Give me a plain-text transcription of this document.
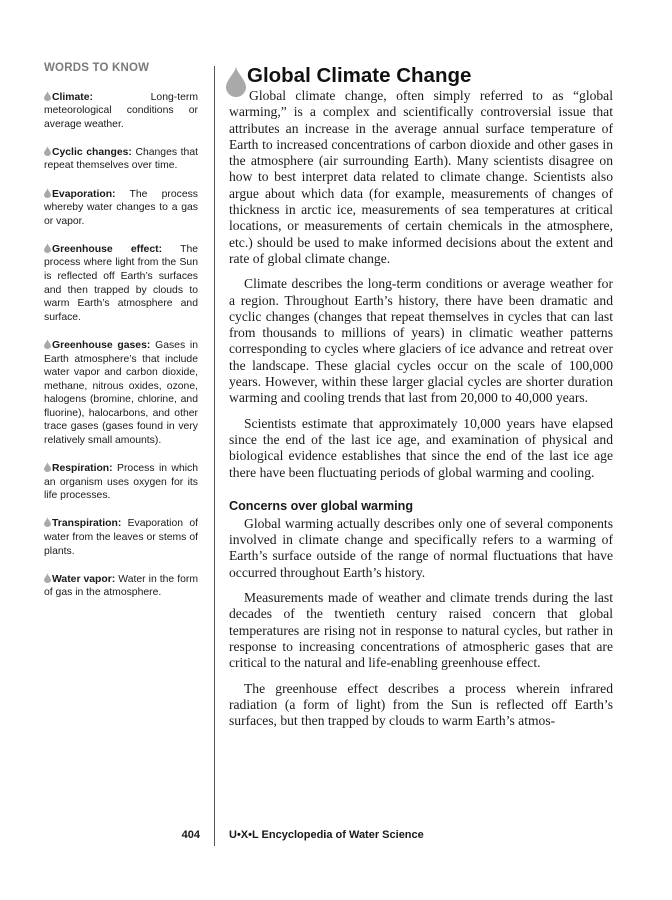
WORDS TO KNOW

Climate:	Long-term meteorological conditions or average weather.

Cyclic changes: Changes that repeat themselves over time.

Evaporation: The process whereby water changes to a gas or vapor.

Greenhouse effect: The process where light from the Sun is reflected off Earth’s surfaces and then trapped by clouds to warm Earth’s atmosphere and surface.

Greenhouse gases: Gases in Earth atmosphere’s that include water vapor and carbon dioxide, methane, nitrous oxides, ozone, halogens (bromine, chlorine, and fluorine), halocarbons, and other trace gases (gases found in very relatively small amounts).

Respiration: Process in which an organism uses oxygen for its life processes.

Transpiration: Evaporation of water from the leaves or stems of plants.

Water vapor: Water in the form of gas in the atmosphere.

Global Climate Change

Global climate change, often simply referred to as “global warming,” is a complex and scientifically controversial issue that attributes an increase in the average annual surface temperature of Earth to increased concentrations of carbon dioxide and other gases in the atmosphere (air surrounding Earth). Many scientists disagree on how to best interpret data related to climate change. Scientists also argue about which data (for example, measurements of changes of thickness in arctic ice, measurements of sea temperatures at critical locations, or measurements of certain chemicals in the atmosphere, etc.) should be used to make informed decisions about the extent and rate of global climate change.

Climate describes the long-term conditions or average weather for a region. Throughout Earth’s history, there have been dramatic and cyclic changes (changes that repeat themselves in cycles that can last from thousands to millions of years) in climatic weather patterns corresponding to cycles where glaciers of ice advance and retreat over the landscape. These glacial cycles occur on the scale of 100,000 years. However, within these larger glacial cycles are shorter duration warming and cooling trends that last from 20,000 to 40,000 years.

Scientists estimate that approximately 10,000 years have elapsed since the end of the last ice age, and examination of physical and biological evidence establishes that since the end of the last ice age there have been fluctuating periods of global warming and cooling.

Concerns over global warming

Global warming actually describes only one of several components involved in climate change and specifically refers to a warming of Earth’s surface outside of the range of normal fluctuations that have occurred throughout Earth’s history.

Measurements made of weather and climate trends during the last decades of the twentieth century raised concern that global temperatures are rising not in response to natural cycles, but rather in response to increasing concentrations of atmospheric gases that are critical to the natural and life-enabling greenhouse effect.

The greenhouse effect describes a process wherein infrared radiation (a form of light) from the Sun is reflected off Earth’s surfaces, but then trapped by clouds to warm Earth’s atmos-

404	U•X•L Encyclopedia of Water Science
